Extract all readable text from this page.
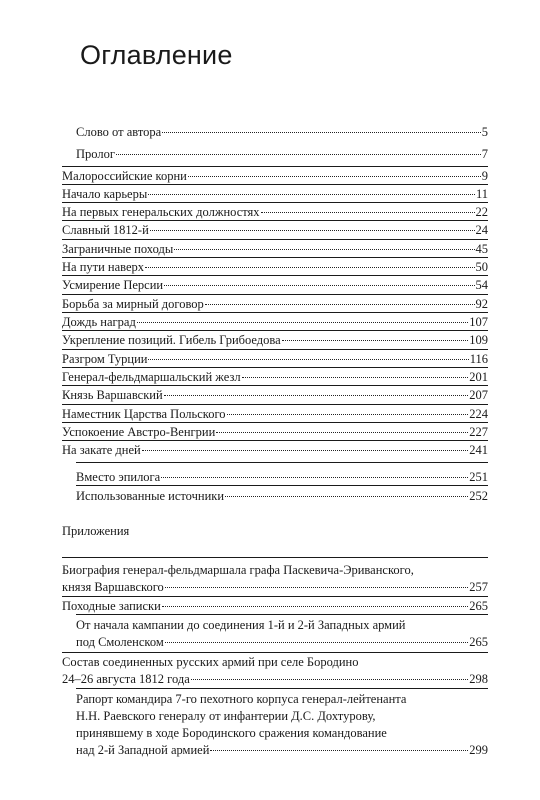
Оглавление
Слово от автора	5
Пролог	7
Малороссийские корни	9
Начало карьеры	11
На первых генеральских должностях	22
Славный 1812-й	24
Заграничные походы	45
На пути наверх	50
Усмирение Персии	54
Борьба за мирный договор	92
Дождь наград	107
Укрепление позиций. Гибель Грибоедова	109
Разгром Турции	116
Генерал-фельдмаршальский жезл	201
Князь Варшавский	207
Наместник Царства Польского	224
Успокоение Австро-Венгрии	227
На закате дней	241
Вместо эпилога	251
Использованные источники	252
Приложения
Биография генерал-фельдмаршала графа Паскевича-Эриванского,
князя Варшавского	257
Походные записки	265
От начала кампании до соединения 1-й и 2-й Западных армий
под Смоленском	265
Состав соединенных русских армий при селе Бородино
24–26 августа 1812 года	298
Рапорт командира 7-го пехотного корпуса генерал-лейтенанта
Н.Н. Раевского генералу от инфантерии Д.С. Дохтурову,
принявшему в ходе Бородинского сражения командование
над 2-й Западной армией	299
